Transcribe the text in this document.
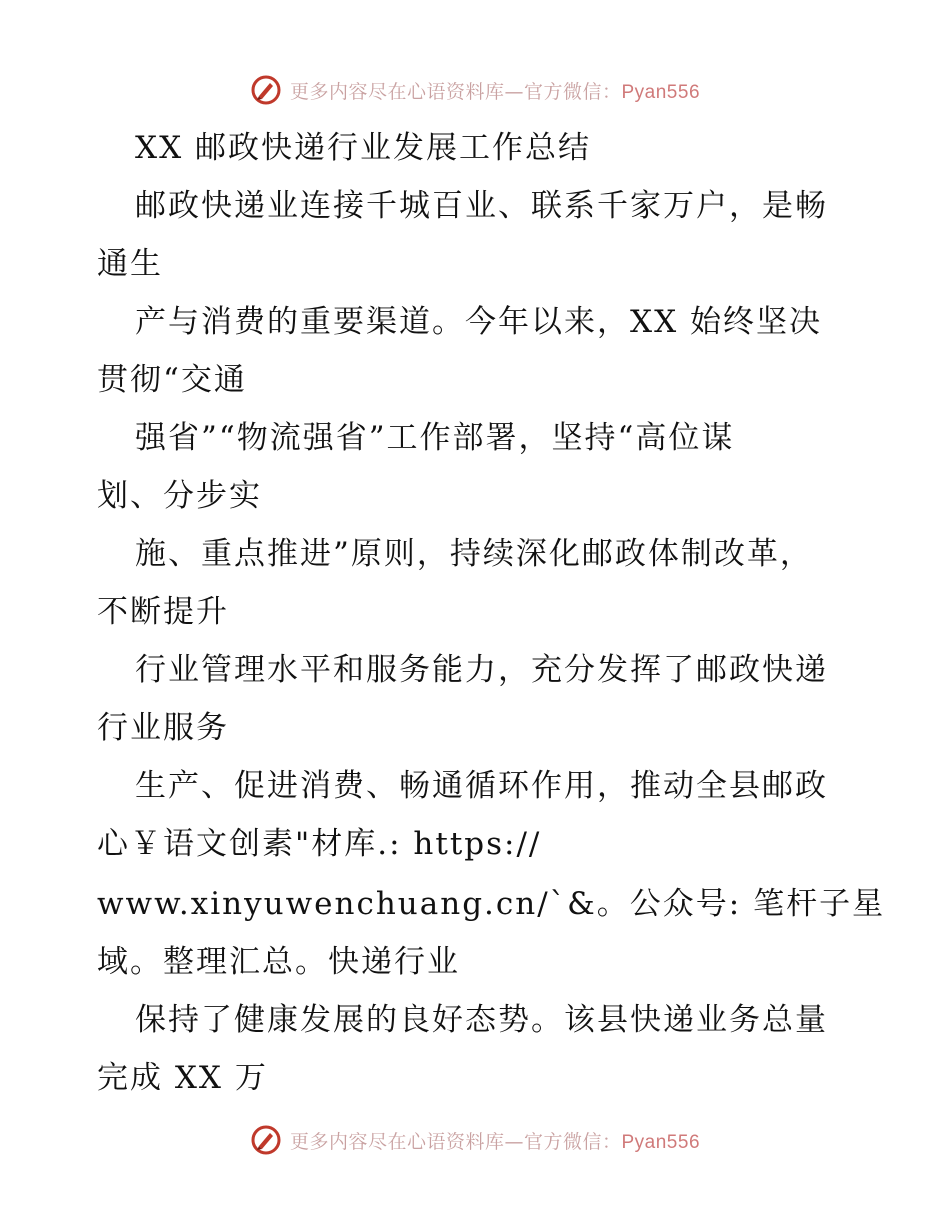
更多内容尽在心语资料库—官方微信：Pyan556
XX 邮政快递行业发展工作总结
邮政快递业连接千城百业、联系千家万户，是畅
通生
产与消费的重要渠道。今年以来，XX 始终坚决
贯彻“交通
强省”“物流强省”工作部署，坚持“高位谋
划、分步实
施、重点推进”原则，持续深化邮政体制改革，
不断提升
行业管理水平和服务能力，充分发挥了邮政快递
行业服务
生产、促进消费、畅通循环作用，推动全县邮政
心￥语文创素"材库.: https://
www.xinyuwenchuang.cn/`&。公众号: 笔杆子星
域。整理汇总。快递行业
保持了健康发展的良好态势。该县快递业务总量
完成 XX 万
更多内容尽在心语资料库—官方微信：Pyan556
